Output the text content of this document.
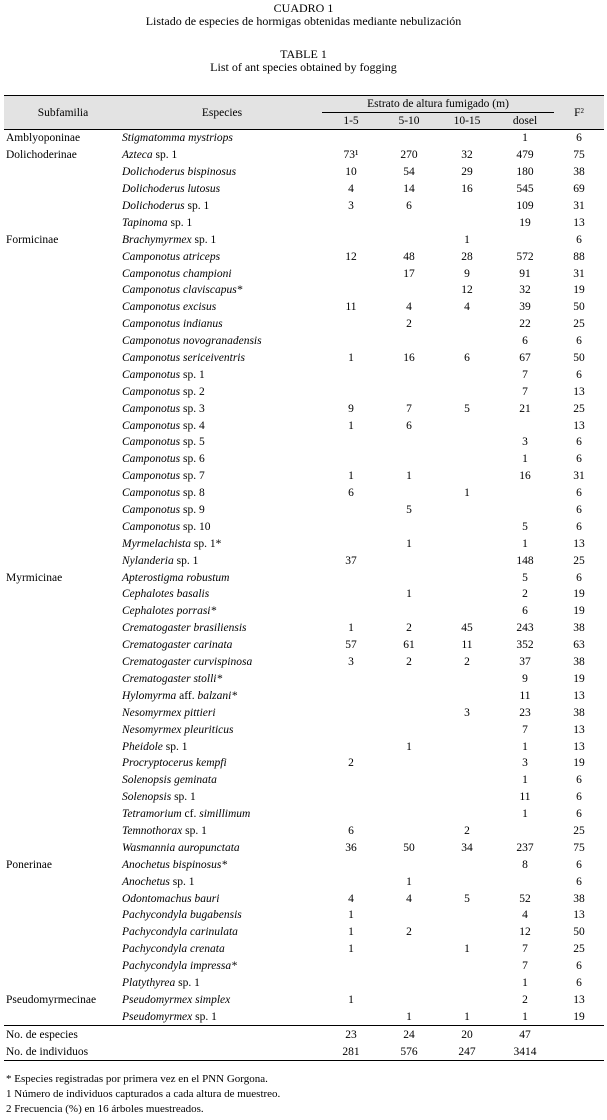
CUADRO 1
Listado de especies de hormigas obtenidas mediante nebulización
TABLE 1
List of ant species obtained by fogging
Subfamilia	Especies	Estrato de altura fumigado (m)				$F^2$
		1-5	5-10	10-15	dosel	
Amblyoponinae	Stigmatomma mystriops				1	6
Dolichoderinae	Azteca sp. 1	73¹	270	32	479	75
	Dolichoderus bispinosus	10	54	29	180	38
	Dolichoderus lutosus	4	14	16	545	69
	Dolichoderus sp. 1	3	6		109	31
	Tapinoma sp. 1				19	13
Formicinae	Brachymyrmex sp. 1			1		6
	Camponotus atriceps	12	48	28	572	88
	Camponotus championi		17	9	91	31
	Camponotus claviscapus*			12	32	19
	Camponotus excisus	11	4	4	39	50
	Camponotus indianus		2		22	25
	Camponotus novogranadensis				6	6
	Camponotus sericeiventris	1	16	6	67	50
	Camponotus sp. 1				7	6
	Camponotus sp. 2				7	13
	Camponotus sp. 3	9	7	5	21	25
	Camponotus sp. 4	1	6			13
	Camponotus sp. 5				3	6
	Camponotus sp. 6				1	6
	Camponotus sp. 7	1	1		16	31
	Camponotus sp. 8	6		1		6
	Camponotus sp. 9		5			6
	Camponotus sp. 10				5	6
	Myrmelachista sp. 1*		1		1	13
	Nylanderia sp. 1	37			148	25
Myrmicinae	Apterostigma robustum				5	6
	Cephalotes basalis		1		2	19
	Cephalotes porrasi*				6	19
	Crematogaster brasiliensis	1	2	45	243	38
	Crematogaster carinata	57	61	11	352	63
	Crematogaster curvispinosa	3	2	2	37	38
	Crematogaster stolli*				9	19
	Hylomyrma aff. balzani*				11	13
	Nesomyrmex pittieri			3	23	38
	Nesomyrmex pleuriticus				7	13
	Pheidole sp. 1		1		1	13
	Procryptocerus kempfi	2			3	19
	Solenopsis geminata				1	6
	Solenopsis sp. 1				11	6
	Tetramorium cf. simillimum				1	6
	Temnothorax sp. 1	6		2		25
	Wasmannia auropunctata	36	50	34	237	75
Ponerinae	Anochetus bispinosus*				8	6
	Anochetus sp. 1		1			6
	Odontomachus bauri	4	4	5	52	38
	Pachycondyla bugabensis	1			4	13
	Pachycondyla carinulata	1	2		12	50
	Pachycondyla crenata	1		1	7	25
	Pachycondyla impressa*				7	6
	Platythyrea sp. 1				1	6
Pseudomyrmecinae	Pseudomyrmex simplex	1			2	13
	Pseudomyrmex sp. 1		1	1	1	19
No. de especies		23	24	20	47	
No. de individuos		281	576	247	3414	
* Especies registradas por primera vez en el PNN Gorgona.
1 Número de individuos capturados a cada altura de muestreo.
2 Frecuencia (%) en 16 árboles muestreados.
